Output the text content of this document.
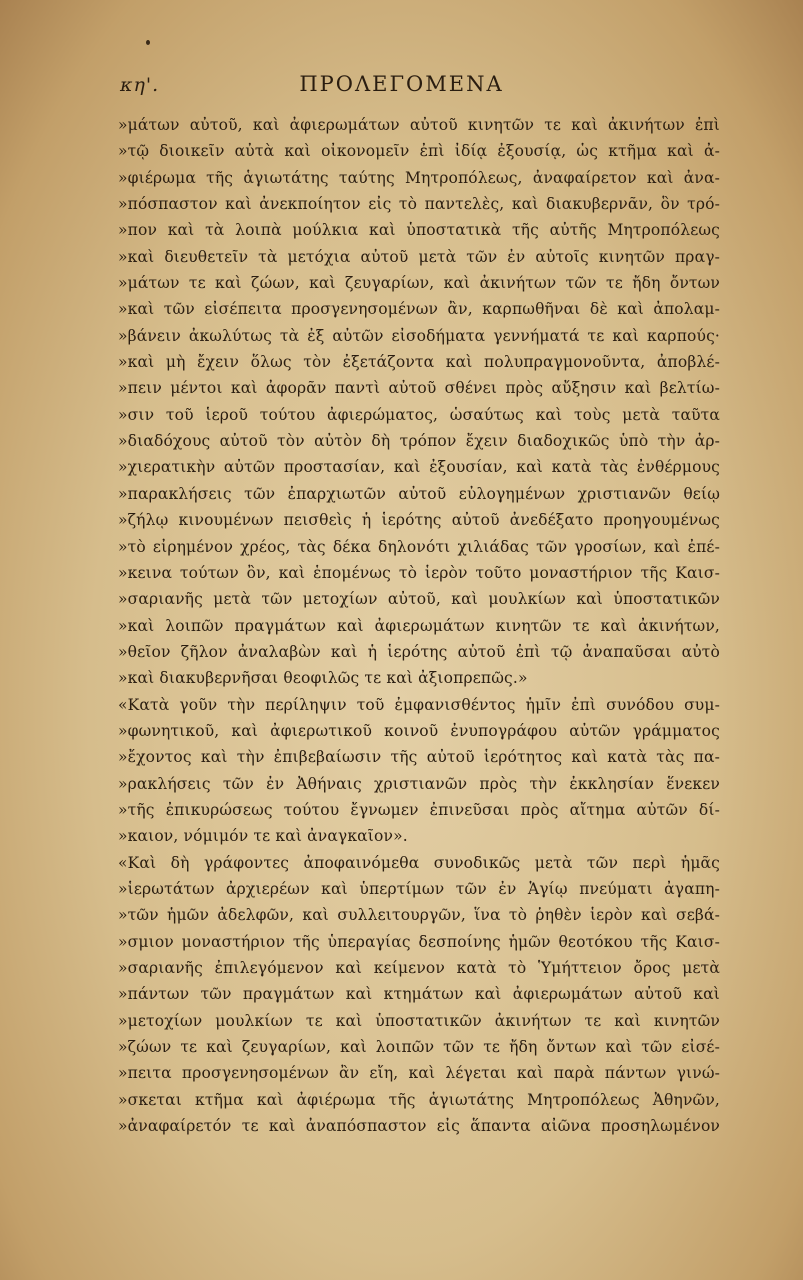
κη'.	ΠΡΟΛΕΓΟΜΕΝΑ
»μάτων αὐτοῦ, καὶ ἀφιερωμάτων αὐτοῦ κινητῶν τε καὶ ἀκινήτων ἐπὶ
»τῷ διοικεῖν αὐτὰ καὶ οἰκονομεῖν ἐπὶ ἰδίᾳ ἐξουσίᾳ, ὡς κτῆμα καὶ ἀ-
»φιέρωμα τῆς ἁγιωτάτης ταύτης Μητροπόλεως, ἀναφαίρετον καὶ ἀνα-
»πόσπαστον καὶ ἀνεκποίητον εἰς τὸ παντελὲς, καὶ διακυβερνᾶν, ὃν τρό-
»πον καὶ τὰ λοιπὰ μούλκια καὶ ὑποστατικὰ τῆς αὐτῆς Μητροπόλεως
»καὶ διευθετεῖν τὰ μετόχια αὐτοῦ μετὰ τῶν ἐν αὐτοῖς κινητῶν πραγ-
»μάτων τε καὶ ζώων, καὶ ζευγαρίων, καὶ ἀκινήτων τῶν τε ἤδη ὄντων
»καὶ τῶν εἰσέπειτα προσγενησομένων ἂν, καρπωθῆναι δὲ καὶ ἀπολαμ-
»βάνειν ἀκωλύτως τὰ ἐξ αὐτῶν εἰσοδήματα γεννήματά τε καὶ καρπούς·
»καὶ μὴ ἔχειν ὅλως τὸν ἐξετάζοντα καὶ πολυπραγμονοῦντα, ἀποβλέ-
»πειν μέντοι καὶ ἀφορᾶν παντὶ αὐτοῦ σθένει πρὸς αὔξησιν καὶ βελτίω-
»σιν τοῦ ἱεροῦ τούτου ἀφιερώματος, ὡσαύτως καὶ τοὺς μετὰ ταῦτα
»διαδόχους αὐτοῦ τὸν αὐτὸν δὴ τρόπον ἔχειν διαδοχικῶς ὑπὸ τὴν ἀρ-
»χιερατικὴν αὐτῶν προστασίαν, καὶ ἐξουσίαν, καὶ κατὰ τὰς ἐνθέρμους
»παρακλήσεις τῶν ἐπαρχιωτῶν αὐτοῦ εὐλογημένων χριστιανῶν θείῳ
»ζήλῳ κινουμένων πεισθεὶς ἡ ἱερότης αὐτοῦ ἀνεδέξατο προηγουμένως
»τὸ εἰρημένον χρέος, τὰς δέκα δηλονότι χιλιάδας τῶν γροσίων, καὶ ἐπέ-
»κεινα τούτων ὂν, καὶ ἑπομένως τὸ ἱερὸν τοῦτο μοναστήριον τῆς Καισ-
»σαριανῆς μετὰ τῶν μετοχίων αὐτοῦ, καὶ μουλκίων καὶ ὑποστατικῶν
»καὶ λοιπῶν πραγμάτων καὶ ἀφιερωμάτων κινητῶν τε καὶ ἀκινήτων,
»θεῖον ζῆλον ἀναλαβὼν καὶ ἡ ἱερότης αὐτοῦ ἐπὶ τῷ ἀναπαῦσαι αὐτὸ
»καὶ διακυβερνῆσαι θεοφιλῶς τε καὶ ἀξιοπρεπῶς.»
«Κατὰ γοῦν τὴν περίληψιν τοῦ ἐμφανισθέντος ἡμῖν ἐπὶ συνόδου συμ-
»φωνητικοῦ, καὶ ἀφιερωτικοῦ κοινοῦ ἐνυπογράφου αὐτῶν γράμματος
»ἔχοντος καὶ τὴν ἐπιβεβαίωσιν τῆς αὐτοῦ ἱερότητος καὶ κατὰ τὰς πα-
»ρακλήσεις τῶν ἐν Ἀθήναις χριστιανῶν πρὸς τὴν ἐκκλησίαν ἕνεκεν
»τῆς ἐπικυρώσεως τούτου ἔγνωμεν ἐπινεῦσαι πρὸς αἴτημα αὐτῶν δί-
»καιον, νόμιμόν τε καὶ ἀναγκαῖον».
«Καὶ δὴ γράφοντες ἀποφαινόμεθα συνοδικῶς μετὰ τῶν περὶ ἡμᾶς
»ἱερωτάτων ἀρχιερέων καὶ ὑπερτίμων τῶν ἐν Ἁγίῳ πνεύματι ἀγαπη-
»τῶν ἡμῶν ἀδελφῶν, καὶ συλλειτουργῶν, ἵνα τὸ ῥηθὲν ἱερὸν καὶ σεβά-
»σμιον μοναστήριον τῆς ὑπεραγίας δεσποίνης ἡμῶν θεοτόκου τῆς Καισ-
»σαριανῆς ἐπιλεγόμενον καὶ κείμενον κατὰ τὸ Ὑμήττειον ὄρος μετὰ
»πάντων τῶν πραγμάτων καὶ κτημάτων καὶ ἀφιερωμάτων αὐτοῦ καὶ
»μετοχίων μουλκίων τε καὶ ὑποστατικῶν ἀκινήτων τε καὶ κινητῶν
»ζώων τε καὶ ζευγαρίων, καὶ λοιπῶν τῶν τε ἤδη ὄντων καὶ τῶν εἰσέ-
»πειτα προσγενησομένων ἂν εἴη, καὶ λέγεται καὶ παρὰ πάντων γινώ-
»σκεται κτῆμα καὶ ἀφιέρωμα τῆς ἁγιωτάτης Μητροπόλεως Ἀθηνῶν,
»ἀναφαίρετόν τε καὶ ἀναπόσπαστον εἰς ἅπαντα αἰῶνα προσηλωμένον
